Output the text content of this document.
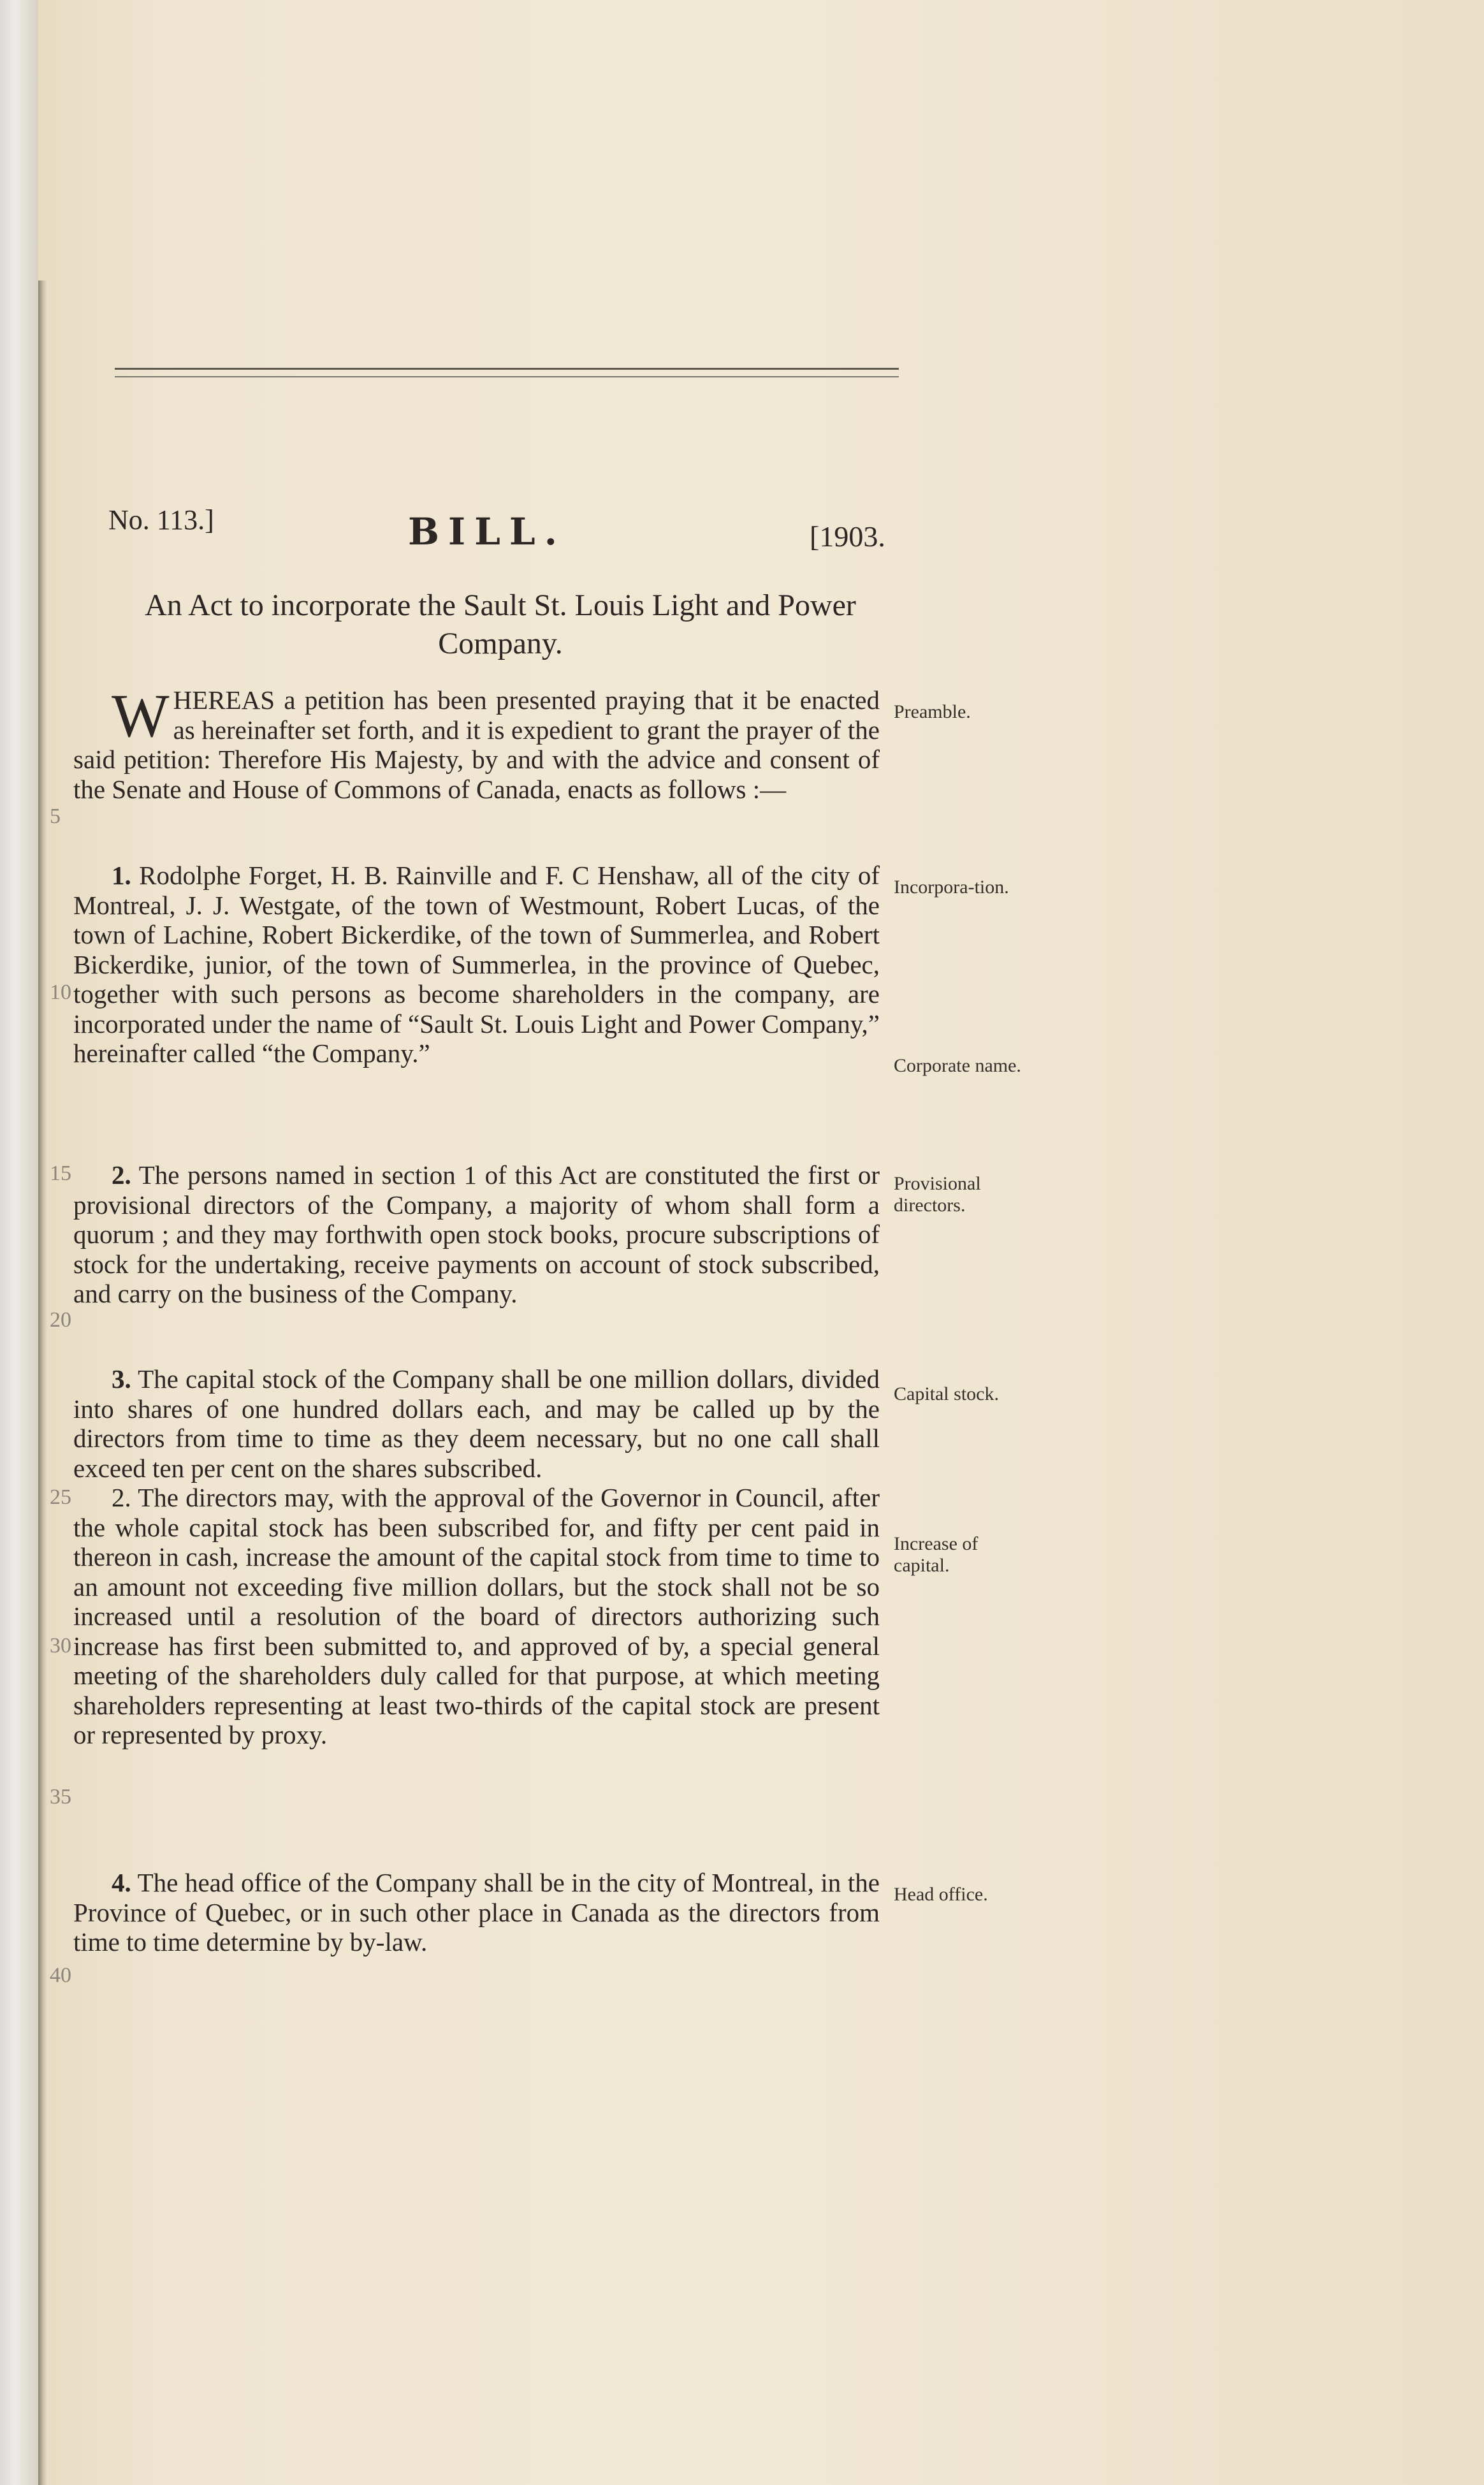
No. 113.]	BILL.	[1903.
An Act to incorporate the Sault St. Louis Light and Power Company.

WHEREAS a petition has been presented praying that it be enacted as hereinafter set forth, and it is expedient to grant the prayer of the said petition: Therefore His Majesty, by and with the advice and consent of the Senate and House of Commons of Canada, enacts as follows :—

Preamble.

1. Rodolphe Forget, H. B. Rainville and F. C Henshaw, all of the city of Montreal, J. J. Westgate, of the town of Westmount, Robert Lucas, of the town of Lachine, Robert Bickerdike, of the town of Summerlea, and Robert Bickerdike, junior, of the town of Summerlea, in the province of Quebec, together with such persons as become shareholders in the company, are incorporated under the name of “Sault St. Louis Light and Power Company,” hereinafter called “the Company.”

Incorpora-tion.
Corporate name.

2. The persons named in section 1 of this Act are constituted the first or provisional directors of the Company, a majority of whom shall form a quorum ; and they may forthwith open stock books, procure subscriptions of stock for the undertaking, receive payments on account of stock subscribed, and carry on the business of the Company.

Provisional directors.

3. The capital stock of the Company shall be one million dollars, divided into shares of one hundred dollars each, and may be called up by the directors from time to time as they deem necessary, but no one call shall exceed ten per cent on the shares subscribed.

2. The directors may, with the approval of the Governor in Council, after the whole capital stock has been subscribed for, and fifty per cent paid in thereon in cash, increase the amount of the capital stock from time to time to an amount not exceeding five million dollars, but the stock shall not be so increased until a resolution of the board of directors authorizing such increase has first been submitted to, and approved of by, a special general meeting of the shareholders duly called for that purpose, at which meeting shareholders representing at least two-thirds of the capital stock are present or represented by proxy.

Capital stock.
Increase of capital.

4. The head office of the Company shall be in the city of Montreal, in the Province of Quebec, or in such other place in Canada as the directors from time to time determine by by-law.

Head office.
5
10
15
20
25
30
35
40
